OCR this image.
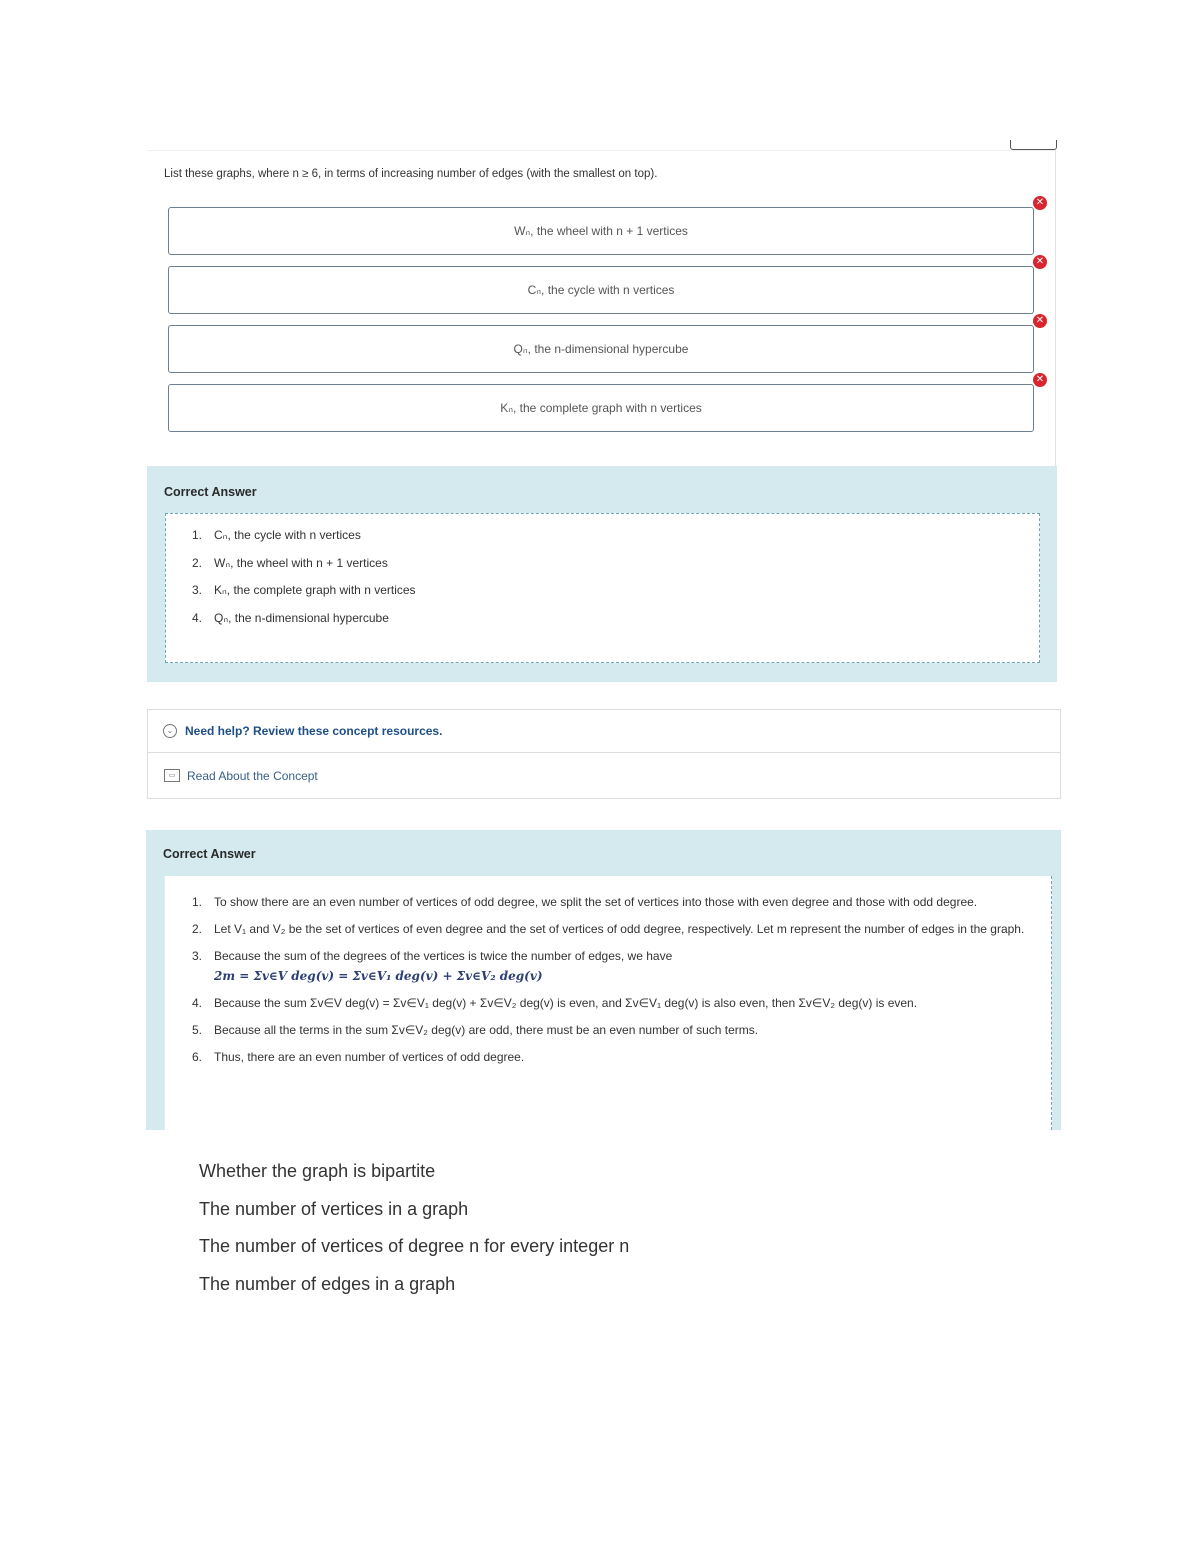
List these graphs, where n ≥ 6, in terms of increasing number of edges (with the smallest on top).
Wₙ, the wheel with n + 1 vertices
✕
Cₙ, the cycle with n vertices
✕
Qₙ, the n-dimensional hypercube
✕
Kₙ, the complete graph with n vertices
✕
Correct Answer
1. Cₙ, the cycle with n vertices
2. Wₙ, the wheel with n + 1 vertices
3. Kₙ, the complete graph with n vertices
4. Qₙ, the n-dimensional hypercube
⌄ Need help? Review these concept resources.
▭ Read About the Concept
Correct Answer
1. To show there are an even number of vertices of odd degree, we split the set of vertices into those with even degree and those with odd degree.
2. Let V₁ and V₂ be the set of vertices of even degree and the set of vertices of odd degree, respectively. Let m represent the number of edges in the graph.
3. Because the sum of the degrees of the vertices is twice the number of edges, we have
2m = Σv∈V deg(v) = Σv∈V₁ deg(v) + Σv∈V₂ deg(v)
4. Because the sum Σv∈V deg(v) = Σv∈V₁ deg(v) + Σv∈V₂ deg(v) is even, and Σv∈V₁ deg(v) is also even, then Σv∈V₂ deg(v) is even.
5. Because all the terms in the sum Σv∈V₂ deg(v) are odd, there must be an even number of such terms.
6. Thus, there are an even number of vertices of odd degree.
Whether the graph is bipartite
The number of vertices in a graph
The number of vertices of degree n for every integer n
The number of edges in a graph
